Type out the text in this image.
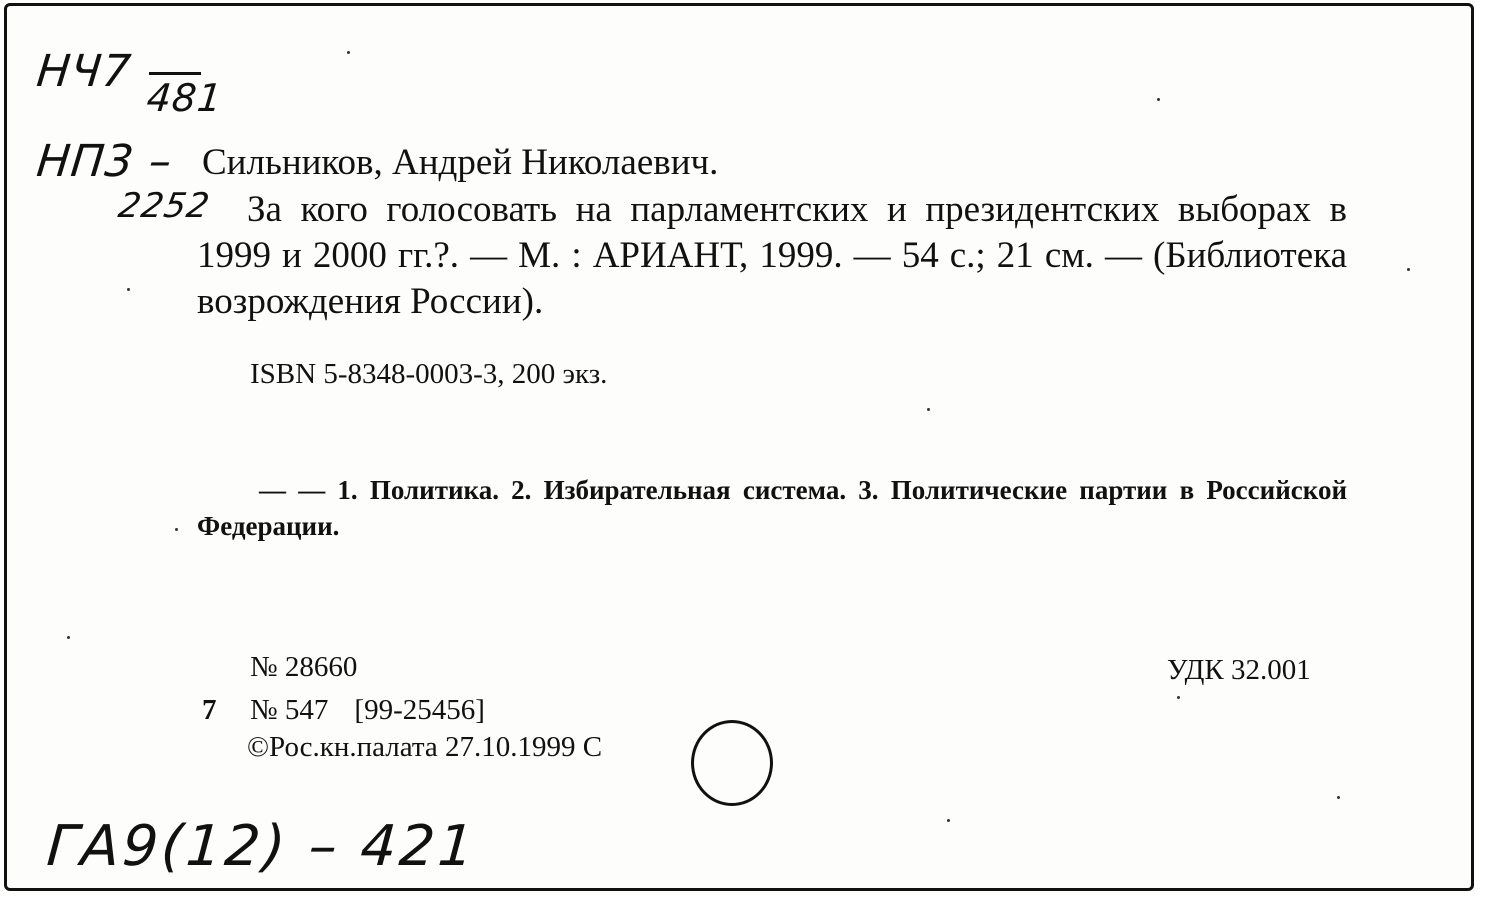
НЧ7
481
НП3 –
2252
Сильников, Андрей Николаевич.
За кого голосовать на парламентских и президентских выборах в 1999 и 2000 гг.?. — М. : АРИАНТ, 1999. — 54 с.; 21 см. — (Библиотека возрождения России).
ISBN 5-8348-0003-3, 200 экз.
— — 1. Политика. 2. Избирательная система. 3. Политические партии в Российской Федерации.
№ 28660
7 № 547 [99-25456]
©Рос.кн.палата 27.10.1999 С
УДК 32.001
ГА9(12) – 421
